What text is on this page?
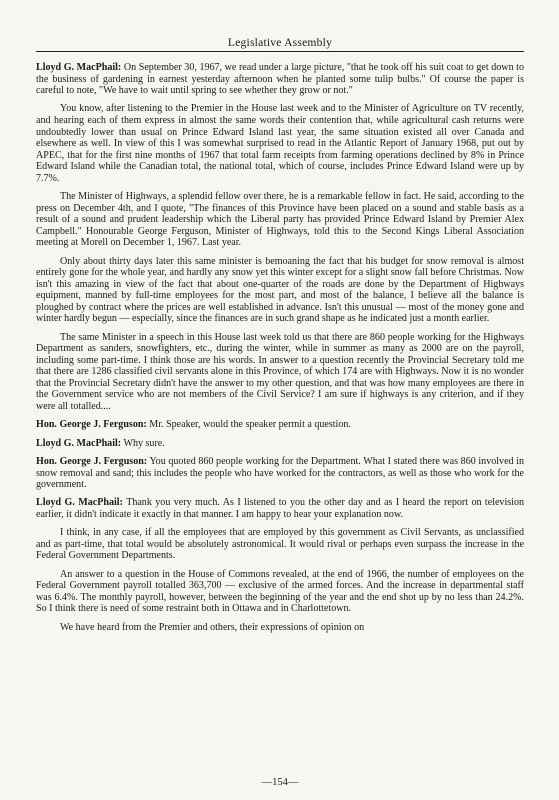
Legislative Assembly

Lloyd G. MacPhail: On September 30, 1967, we read under a large picture, "that he took off his suit coat to get down to the business of gardening in earnest yesterday afternoon when he planted some tulip bulbs." Of course the paper is careful to note, "We have to wait until spring to see whether they grow or not."

You know, after listening to the Premier in the House last week and to the Minister of Agriculture on TV recently, and hearing each of them express in almost the same words their contention that, while agricultural cash returns were undoubtedly lower than usual on Prince Edward Island last year, the same situation existed all over Canada and elsewhere as well. In view of this I was somewhat surprised to read in the Atlantic Report of January 1968, put out by APEC, that for the first nine months of 1967 that total farm receipts from farming operations declined by 8% in Prince Edward Island while the Canadian total, the national total, which of course, includes Prince Edward Island were up by 7.7%.

The Minister of Highways, a splendid fellow over there, he is a remarkable fellow in fact. He said, according to the press on December 4th, and I quote, "The finances of this Province have been placed on a sound and stable basis as a result of a sound and prudent leadership which the Liberal party has provided Prince Edward Island by Premier Alex Campbell." Honourable George Ferguson, Minister of Highways, told this to the Second Kings Liberal Association meeting at Morell on December 1, 1967. Last year.

Only about thirty days later this same minister is bemoaning the fact that his budget for snow removal is almost entirely gone for the whole year, and hardly any snow yet this winter except for a slight snow fall before Christmas. Now isn't this amazing in view of the fact that about one-quarter of the roads are done by the Department of Highways equipment, manned by full-time employees for the most part, and most of the balance, I believe all the balance is ploughed by contract where the prices are well established in advance. Isn't this unusual — most of the money gone and winter hardly begun — especially, since the finances are in such grand shape as he indicated just a month earlier.

The same Minister in a speech in this House last week told us that there are 860 people working for the Highways Department as sanders, snowfighters, etc., during the winter, while in summer as many as 2000 are on the payroll, including some part-time. I think those are his words. In answer to a question recently the Provincial Secretary told me that there are 1286 classified civil servants alone in this Province, of which 174 are with Highways. Now it is no wonder that the Provincial Secretary didn't have the answer to my other question, and that was how many employees are there in the Government service who are not members of the Civil Service? I am sure if highways is any criterion, and if they were all totalled....

Hon. George J. Ferguson: Mr. Speaker, would the speaker permit a question.

Lloyd G. MacPhail: Why sure.

Hon. George J. Ferguson: You quoted 860 people working for the Department. What I stated there was 860 involved in snow removal and sand; this includes the people who have worked for the contractors, as well as those who work for the government.

Lloyd G. MacPhail: Thank you very much. As I listened to you the other day and as I heard the report on television earlier, it didn't indicate it exactly in that manner. I am happy to hear your explanation now.

I think, in any case, if all the employees that are employed by this government as Civil Servants, as unclassified and as part-time, that total would be absolutely astronomical. It would rival or perhaps even surpass the increase in the Federal Government Departments.

An answer to a question in the House of Commons revealed, at the end of 1966, the number of employees on the Federal Government payroll totalled 363,700 — exclusive of the armed forces. And the increase in departmental staff was 6.4%. The monthly payroll, however, between the beginning of the year and the end shot up by no less than 24.2%. So I think there is need of some restraint both in Ottawa and in Charlottetown.

We have heard from the Premier and others, their expressions of opinion on

—154—
